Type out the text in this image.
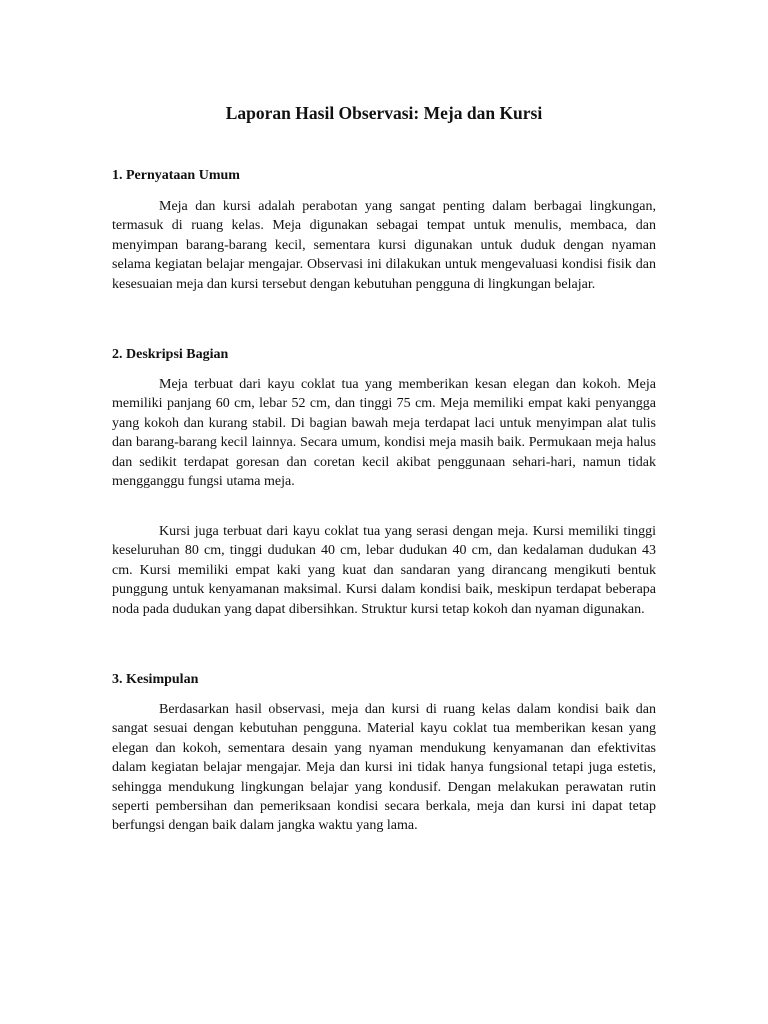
Laporan Hasil Observasi: Meja dan Kursi
1. Pernyataan Umum

Meja dan kursi adalah perabotan yang sangat penting dalam berbagai lingkungan, termasuk di ruang kelas. Meja digunakan sebagai tempat untuk menulis, membaca, dan menyimpan barang-barang kecil, sementara kursi digunakan untuk duduk dengan nyaman selama kegiatan belajar mengajar. Observasi ini dilakukan untuk mengevaluasi kondisi fisik dan kesesuaian meja dan kursi tersebut dengan kebutuhan pengguna di lingkungan belajar.

2. Deskripsi Bagian

Meja terbuat dari kayu coklat tua yang memberikan kesan elegan dan kokoh. Meja memiliki panjang 60 cm, lebar 52 cm, dan tinggi 75 cm. Meja memiliki empat kaki penyangga yang kokoh dan kurang stabil. Di bagian bawah meja terdapat laci untuk menyimpan alat tulis dan barang-barang kecil lainnya. Secara umum, kondisi meja masih baik. Permukaan meja halus dan sedikit terdapat goresan dan coretan kecil akibat penggunaan sehari-hari, namun tidak mengganggu fungsi utama meja.

Kursi juga terbuat dari kayu coklat tua yang serasi dengan meja. Kursi memiliki tinggi keseluruhan 80 cm, tinggi dudukan 40 cm, lebar dudukan 40 cm, dan kedalaman dudukan 43 cm. Kursi memiliki empat kaki yang kuat dan sandaran yang dirancang mengikuti bentuk punggung untuk kenyamanan maksimal. Kursi dalam kondisi baik, meskipun terdapat beberapa noda pada dudukan yang dapat dibersihkan. Struktur kursi tetap kokoh dan nyaman digunakan.

3. Kesimpulan

Berdasarkan hasil observasi, meja dan kursi di ruang kelas dalam kondisi baik dan sangat sesuai dengan kebutuhan pengguna. Material kayu coklat tua memberikan kesan yang elegan dan kokoh, sementara desain yang nyaman mendukung kenyamanan dan efektivitas dalam kegiatan belajar mengajar. Meja dan kursi ini tidak hanya fungsional tetapi juga estetis, sehingga mendukung lingkungan belajar yang kondusif. Dengan melakukan perawatan rutin seperti pembersihan dan pemeriksaan kondisi secara berkala, meja dan kursi ini dapat tetap berfungsi dengan baik dalam jangka waktu yang lama.
